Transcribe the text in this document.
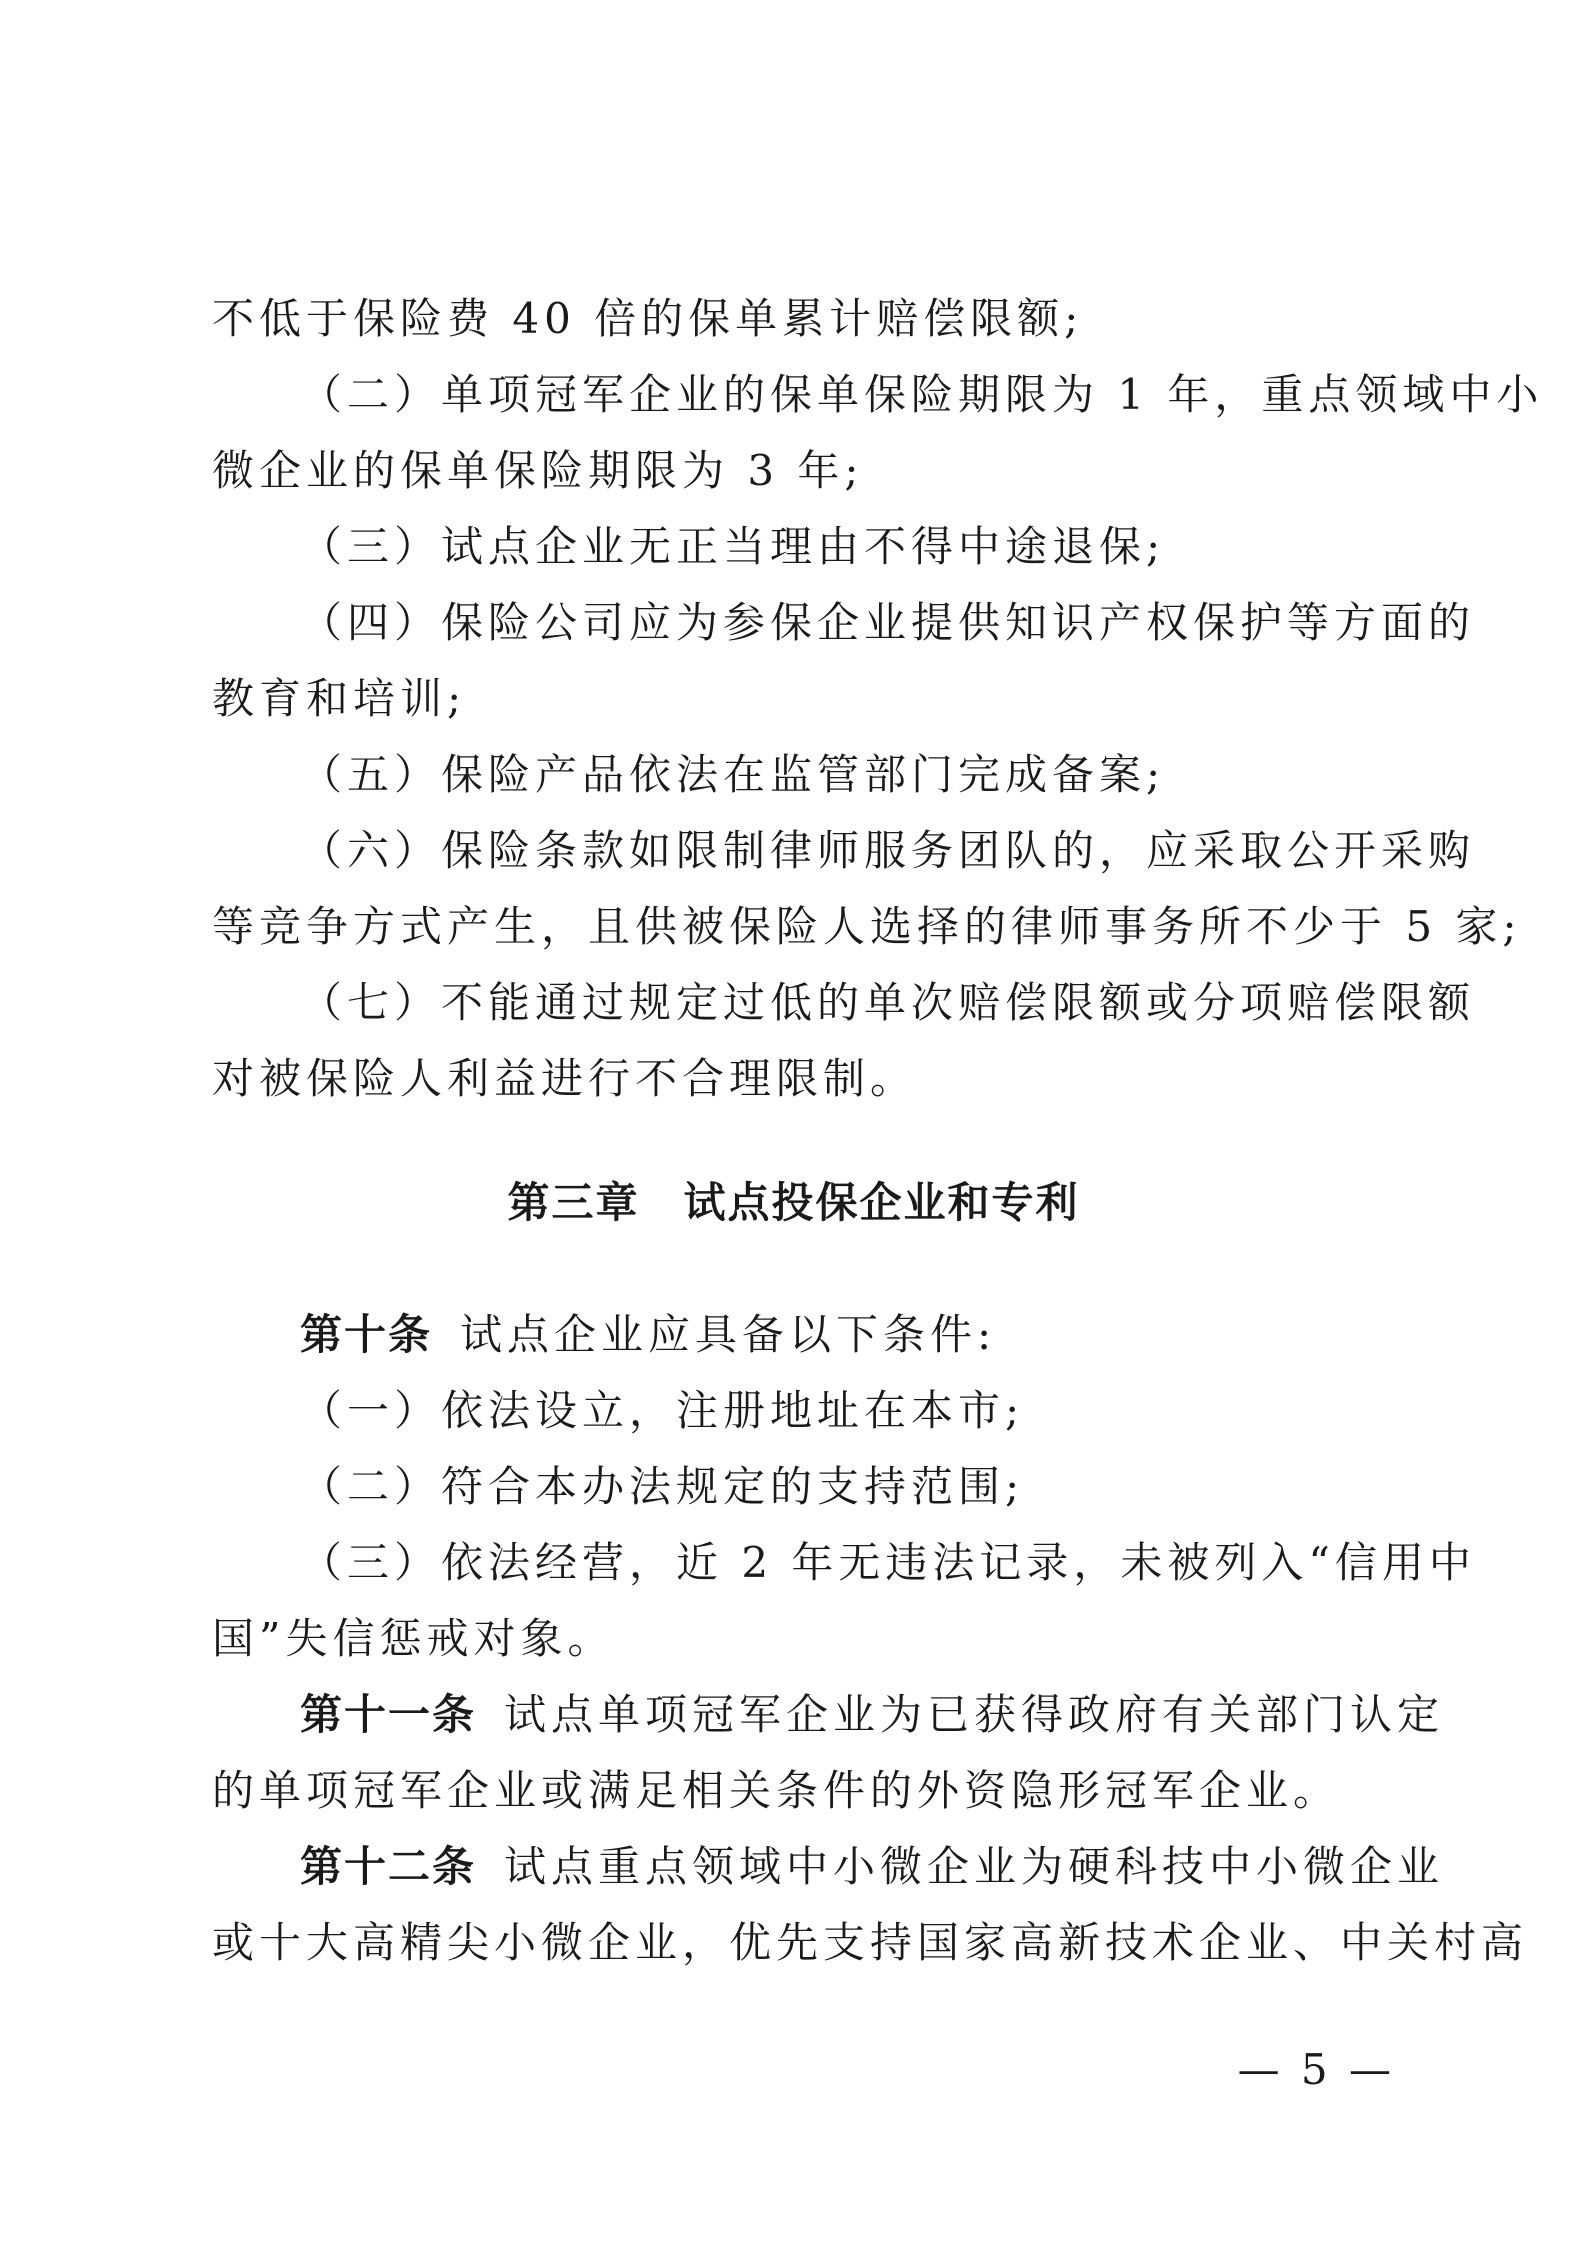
不低于保险费 40 倍的保单累计赔偿限额;
（二）单项冠军企业的保单保险期限为 1 年，重点领域中小
微企业的保单保险期限为 3 年;
（三）试点企业无正当理由不得中途退保;
（四）保险公司应为参保企业提供知识产权保护等方面的
教育和培训;
（五）保险产品依法在监管部门完成备案;
（六）保险条款如限制律师服务团队的，应采取公开采购
等竞争方式产生，且供被保险人选择的律师事务所不少于 5 家;
（七）不能通过规定过低的单次赔偿限额或分项赔偿限额
对被保险人利益进行不合理限制。
第三章　试点投保企业和专利
第十条 试点企业应具备以下条件:
（一）依法设立，注册地址在本市;
（二）符合本办法规定的支持范围;
（三）依法经营，近 2 年无违法记录，未被列入“信用中
国”失信惩戒对象。
第十一条 试点单项冠军企业为已获得政府有关部门认定
的单项冠军企业或满足相关条件的外资隐形冠军企业。
第十二条 试点重点领域中小微企业为硬科技中小微企业
或十大高精尖小微企业，优先支持国家高新技术企业、中关村高
— 5 —
